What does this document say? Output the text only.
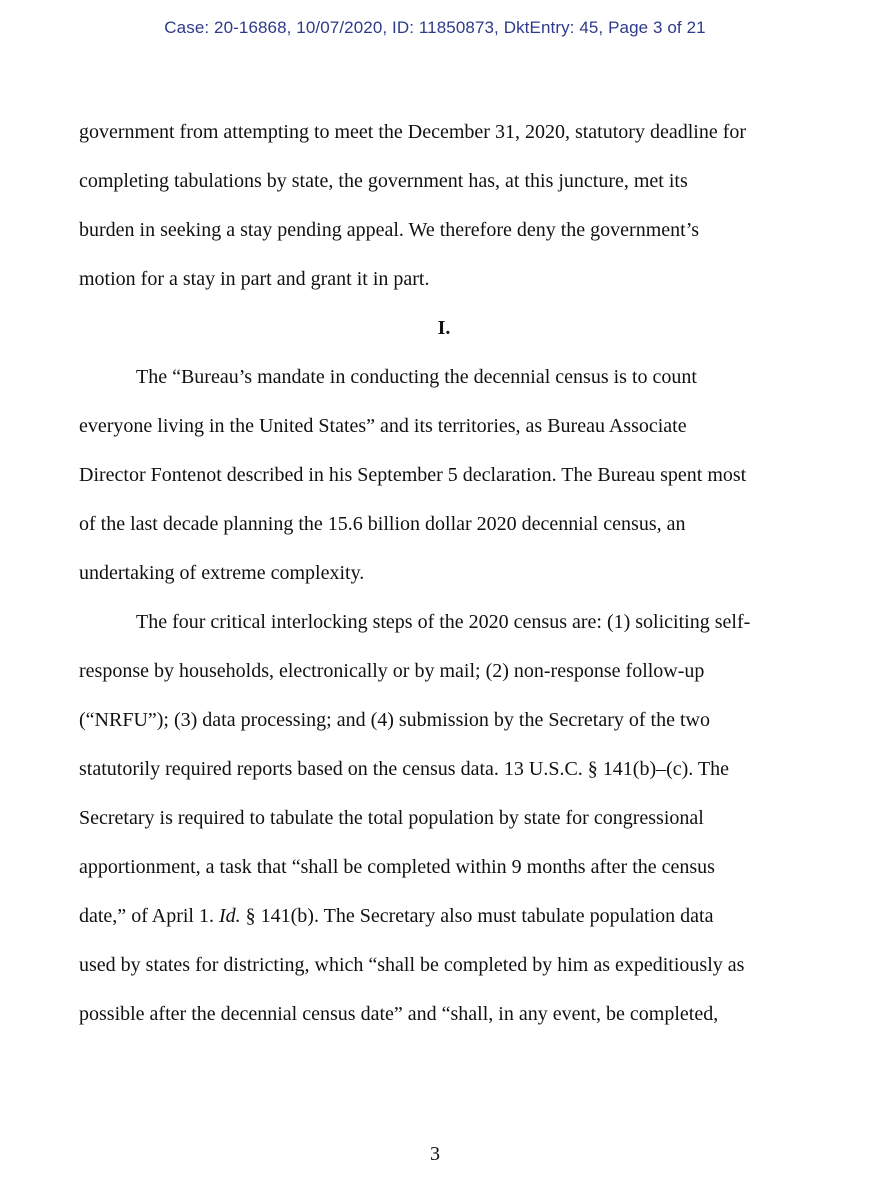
Case: 20-16868, 10/07/2020, ID: 11850873, DktEntry: 45, Page 3 of 21
government from attempting to meet the December 31, 2020, statutory deadline for
completing tabulations by state, the government has, at this juncture, met its
burden in seeking a stay pending appeal. We therefore deny the government’s
motion for a stay in part and grant it in part.
I.
The “Bureau’s mandate in conducting the decennial census is to count
everyone living in the United States” and its territories, as Bureau Associate
Director Fontenot described in his September 5 declaration. The Bureau spent most
of the last decade planning the 15.6 billion dollar 2020 decennial census, an
undertaking of extreme complexity.
The four critical interlocking steps of the 2020 census are: (1) soliciting self-
response by households, electronically or by mail; (2) non-response follow-up
(“NRFU”); (3) data processing; and (4) submission by the Secretary of the two
statutorily required reports based on the census data. 13 U.S.C. § 141(b)–(c). The
Secretary is required to tabulate the total population by state for congressional
apportionment, a task that “shall be completed within 9 months after the census
date,” of April 1. Id. § 141(b). The Secretary also must tabulate population data
used by states for districting, which “shall be completed by him as expeditiously as
possible after the decennial census date” and “shall, in any event, be completed,
3
